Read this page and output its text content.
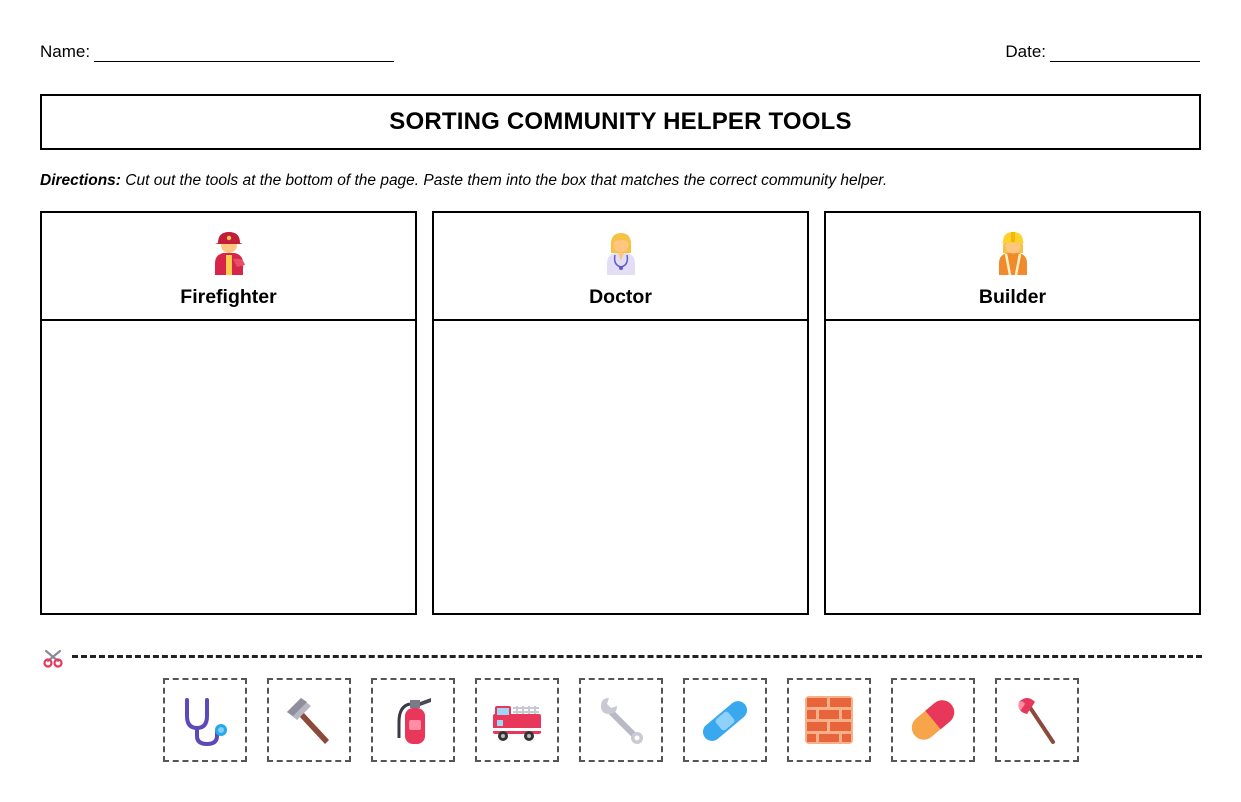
Name:	Date:
SORTING COMMUNITY HELPER TOOLS
Directions: Cut out the tools at the bottom of the page. Paste them into the box that matches the correct community helper.
Firefighter	Doctor	Builder
